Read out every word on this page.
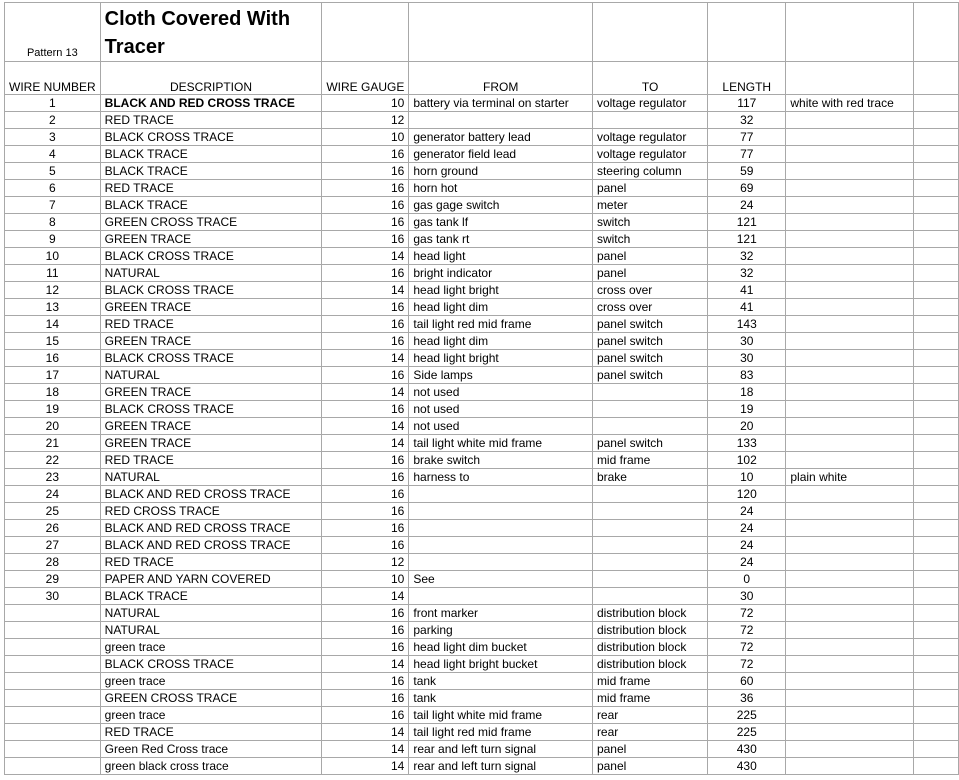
Pattern 13	Cloth Covered With Tracer						
WIRE NUMBER	DESCRIPTION	WIRE GAUGE	FROM	TO	LENGTH		
1	BLACK AND RED CROSS TRACE	10	battery via terminal on starter	voltage regulator	117	white with red trace	
2	RED TRACE	12			32		
3	BLACK CROSS TRACE	10	generator battery lead	voltage regulator	77		
4	BLACK TRACE	16	generator field lead	voltage regulator	77		
5	BLACK TRACE	16	horn ground	steering column	59		
6	RED TRACE	16	horn hot	panel	69		
7	BLACK TRACE	16	gas gage switch	meter	24		
8	GREEN CROSS TRACE	16	gas tank lf	switch	121		
9	GREEN TRACE	16	gas tank rt	switch	121		
10	BLACK CROSS TRACE	14	head light	panel	32		
11	NATURAL	16	bright indicator	panel	32		
12	BLACK CROSS TRACE	14	head light bright	cross over	41		
13	GREEN TRACE	16	head light dim	cross over	41		
14	RED TRACE	16	tail light red mid frame	panel switch	143		
15	GREEN TRACE	16	head light dim	panel switch	30		
16	BLACK CROSS TRACE	14	head light bright	panel switch	30		
17	NATURAL	16	Side lamps	panel switch	83		
18	GREEN TRACE	14	not used		18		
19	BLACK CROSS TRACE	16	not used		19		
20	GREEN TRACE	14	not used		20		
21	GREEN TRACE	14	tail light white mid frame	panel switch	133		
22	RED TRACE	16	brake switch	mid frame	102		
23	NATURAL	16	harness to	brake	10	plain white	
24	BLACK AND RED CROSS TRACE	16			120		
25	RED CROSS TRACE	16			24		
26	BLACK AND RED CROSS TRACE	16			24		
27	BLACK AND RED CROSS TRACE	16			24		
28	RED TRACE	12			24		
29	PAPER AND YARN COVERED	10	See		0		
30	BLACK TRACE	14			30		
	NATURAL	16	front marker	distribution block	72		
	NATURAL	16	parking	distribution block	72		
	green trace	16	head light dim bucket	distribution block	72		
	BLACK CROSS TRACE	14	head light bright bucket	distribution block	72		
	green trace	16	tank	mid frame	60		
	GREEN CROSS TRACE	16	tank	mid frame	36		
	green trace	16	tail light white mid frame	rear	225		
	RED TRACE	14	tail light red mid frame	rear	225		
	Green Red Cross trace	14	rear and left turn signal	panel	430		
	green black cross trace	14	rear and left turn signal	panel	430		
